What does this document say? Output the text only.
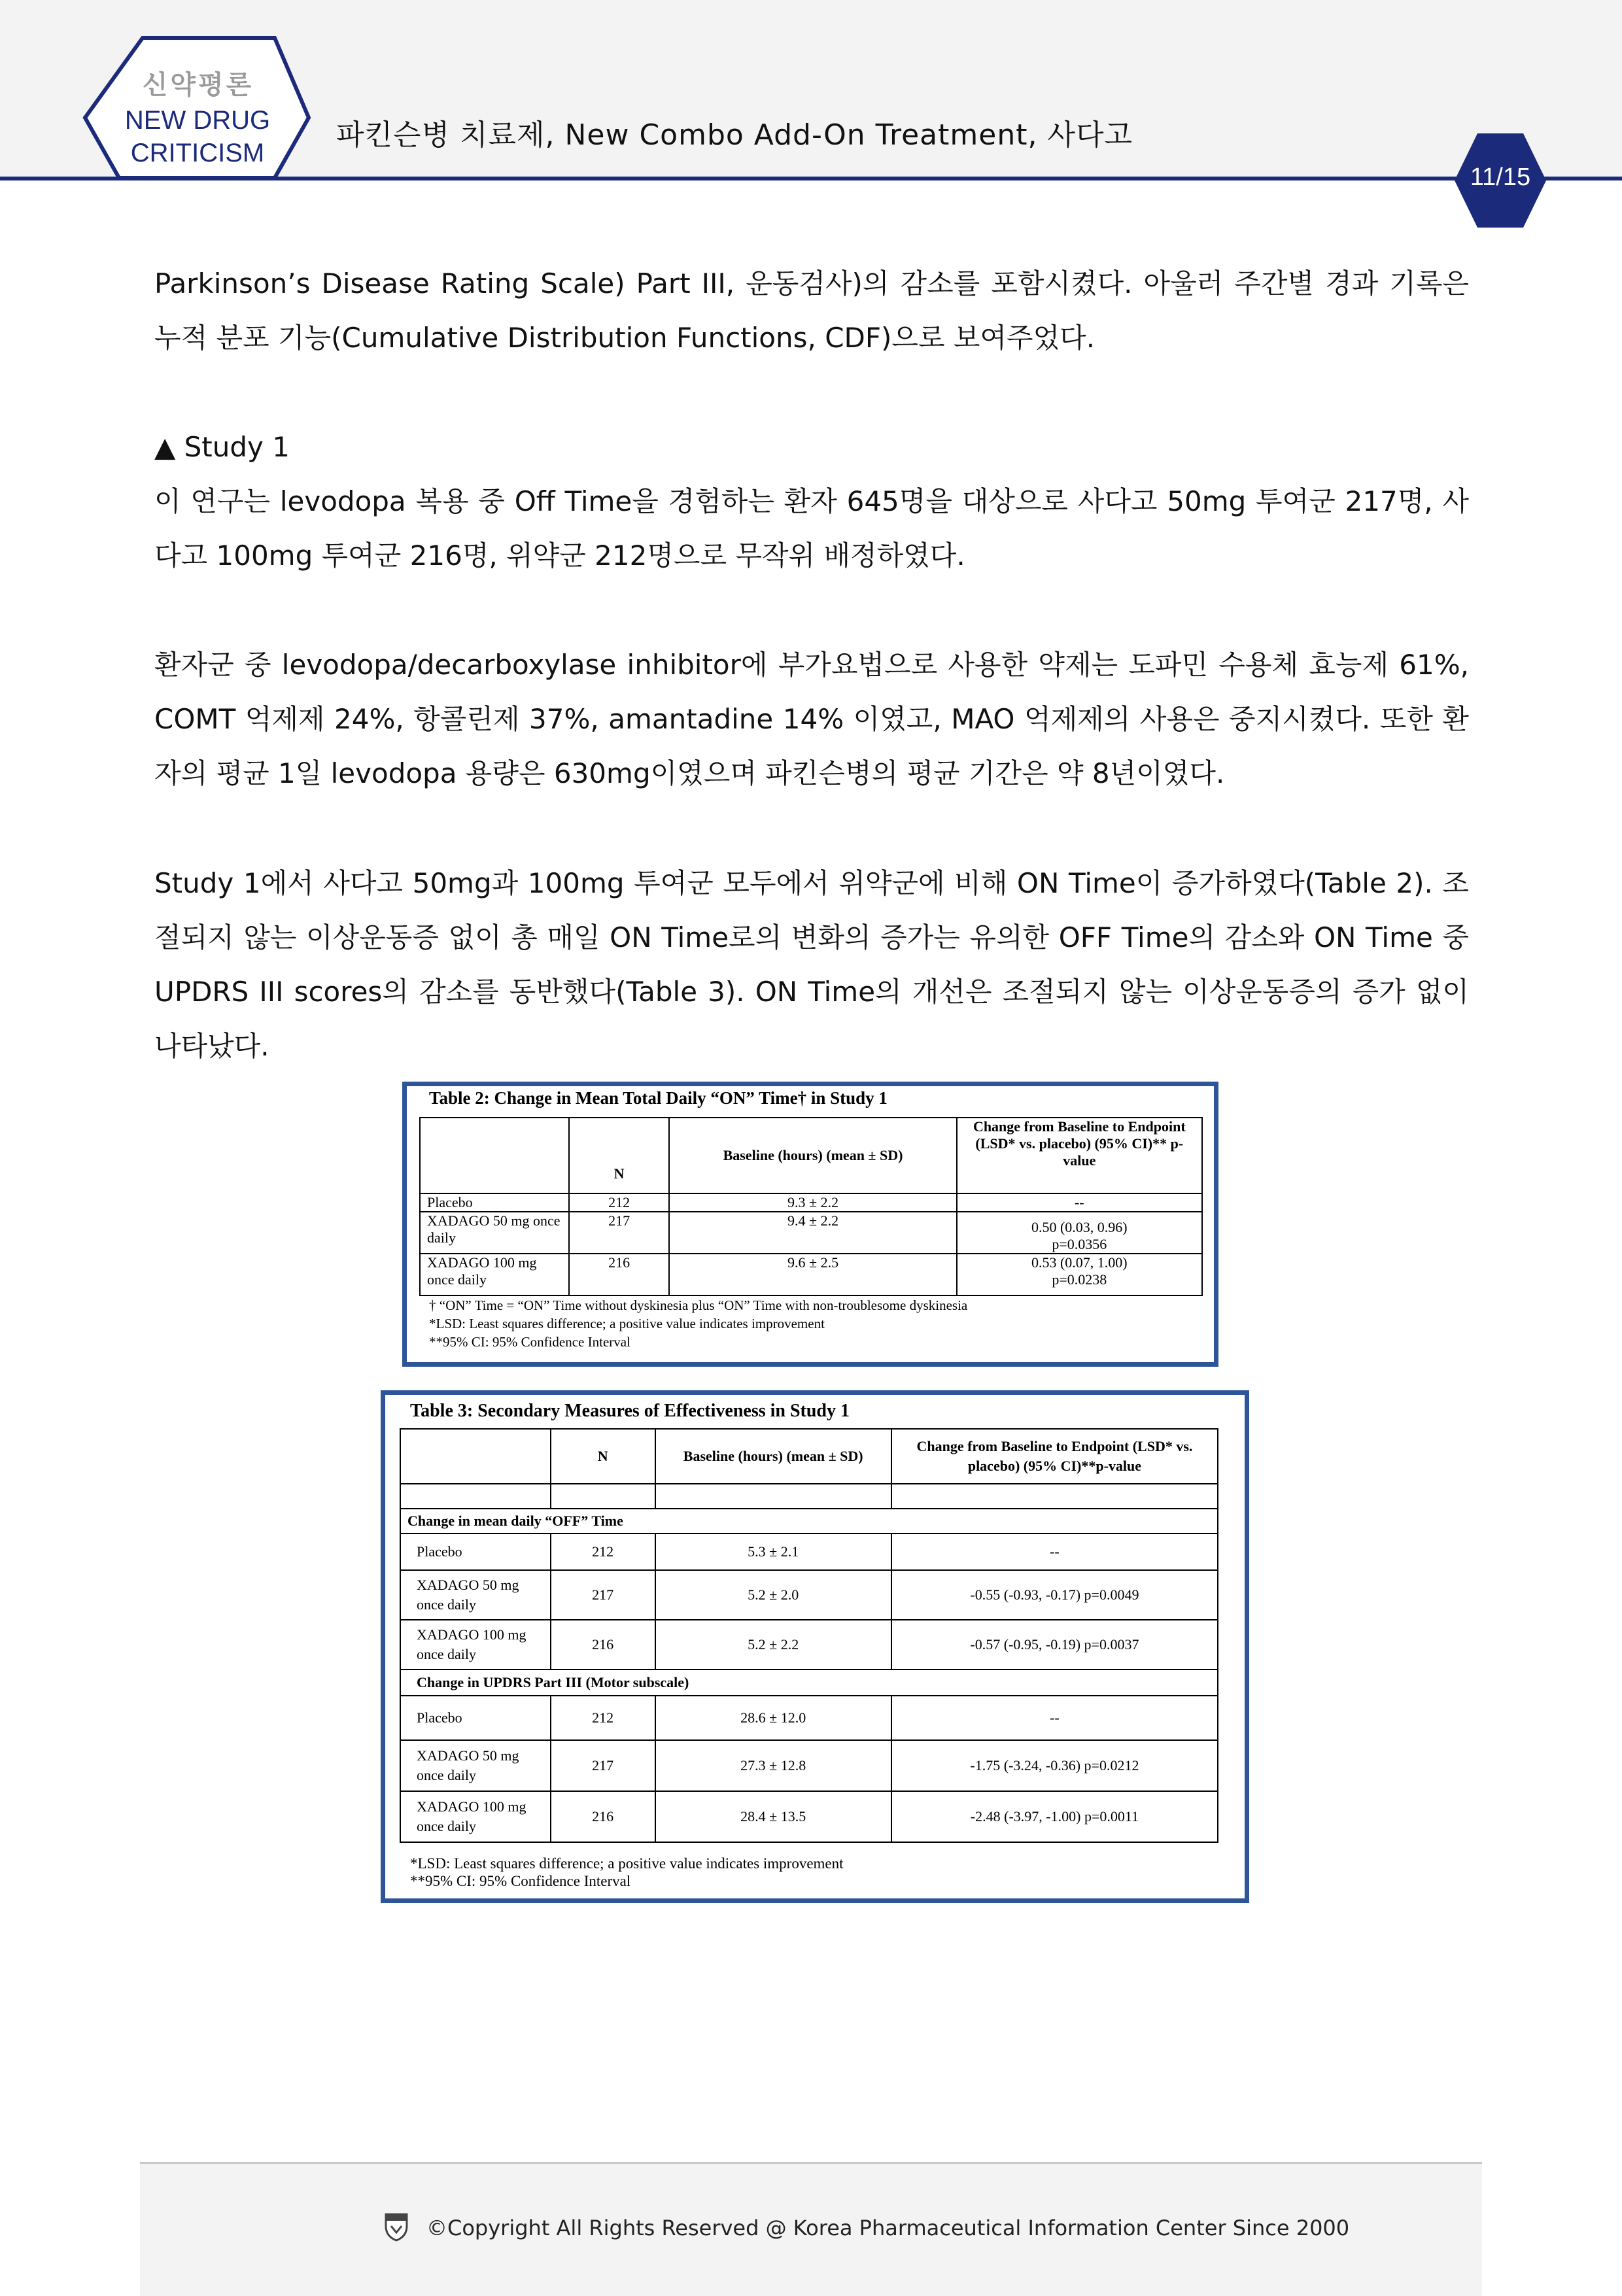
신약평론
NEW DRUG
CRITICISM
파킨슨병 치료제, New Combo Add-On Treatment, 사다고
11/15

Parkinson’s Disease Rating Scale) Part III, 운동검사)의 감소를 포함시켰다. 아울러 주간별 경과 기록은 누적 분포 기능(Cumulative Distribution Functions, CDF)으로 보여주었다.

▲ Study 1

이 연구는 levodopa 복용 중 Off Time을 경험하는 환자 645명을 대상으로 사다고 50mg 투여군 217명, 사다고 100mg 투여군 216명, 위약군 212명으로 무작위 배정하였다.

환자군 중 levodopa/decarboxylase inhibitor에 부가요법으로 사용한 약제는 도파민 수용체 효능제 61%, COMT 억제제 24%, 항콜린제 37%, amantadine 14% 이였고, MAO 억제제의 사용은 중지시켰다. 또한 환자의 평균 1일 levodopa 용량은 630mg이였으며 파킨슨병의 평균 기간은 약 8년이였다.

Study 1에서 사다고 50mg과 100mg 투여군 모두에서 위약군에 비해 ON Time이 증가하였다(Table 2). 조절되지 않는 이상운동증 없이 총 매일 ON Time로의 변화의 증가는 유의한 OFF Time의 감소와 ON Time 중 UPDRS III scores의 감소를 동반했다(Table 3). ON Time의 개선은 조절되지 않는 이상운동증의 증가 없이 나타났다.

Table 2: Change in Mean Total Daily “ON” Time† in Study 1
	N	Baseline (hours) (mean ± SD)	Change from Baseline to Endpoint (LSD* vs. placebo) (95% CI)** p-value
Placebo	212	9.3 ± 2.2	--
XADAGO 50 mg once daily	217	9.4 ± 2.2	0.50 (0.03, 0.96)
p=0.0356

XADAGO 100 mg once daily	216	9.6 ± 2.5	0.53 (0.07, 1.00)
p=0.0238
† “ON” Time = “ON” Time without dyskinesia plus “ON” Time with non-troublesome dyskinesia
*LSD: Least squares difference; a positive value indicates improvement
**95% CI: 95% Confidence Interval
Table 3: Secondary Measures of Effectiveness in Study 1
	N	Baseline (hours) (mean ± SD)	Change from Baseline to Endpoint (LSD* vs. placebo) (95% CI)**p-value

Change in mean daily “OFF” Time			
Placebo	212	5.3 ± 2.1	--
XADAGO 50 mg once daily	217	5.2 ± 2.0	-0.55 (-0.93, -0.17) p=0.0049
XADAGO 100 mg once daily	216	5.2 ± 2.2	-0.57 (-0.95, -0.19) p=0.0037
Change in UPDRS Part III (Motor subscale)			
Placebo	212	28.6 ± 12.0	--
XADAGO 50 mg once daily	217	27.3 ± 12.8	-1.75 (-3.24, -0.36) p=0.0212
XADAGO 100 mg once daily	216	28.4 ± 13.5	-2.48 (-3.97, -1.00) p=0.0011
*LSD: Least squares difference; a positive value indicates improvement
**95% CI: 95% Confidence Interval
©Copyright All Rights Reserved @ Korea Pharmaceutical Information Center Since 2000
